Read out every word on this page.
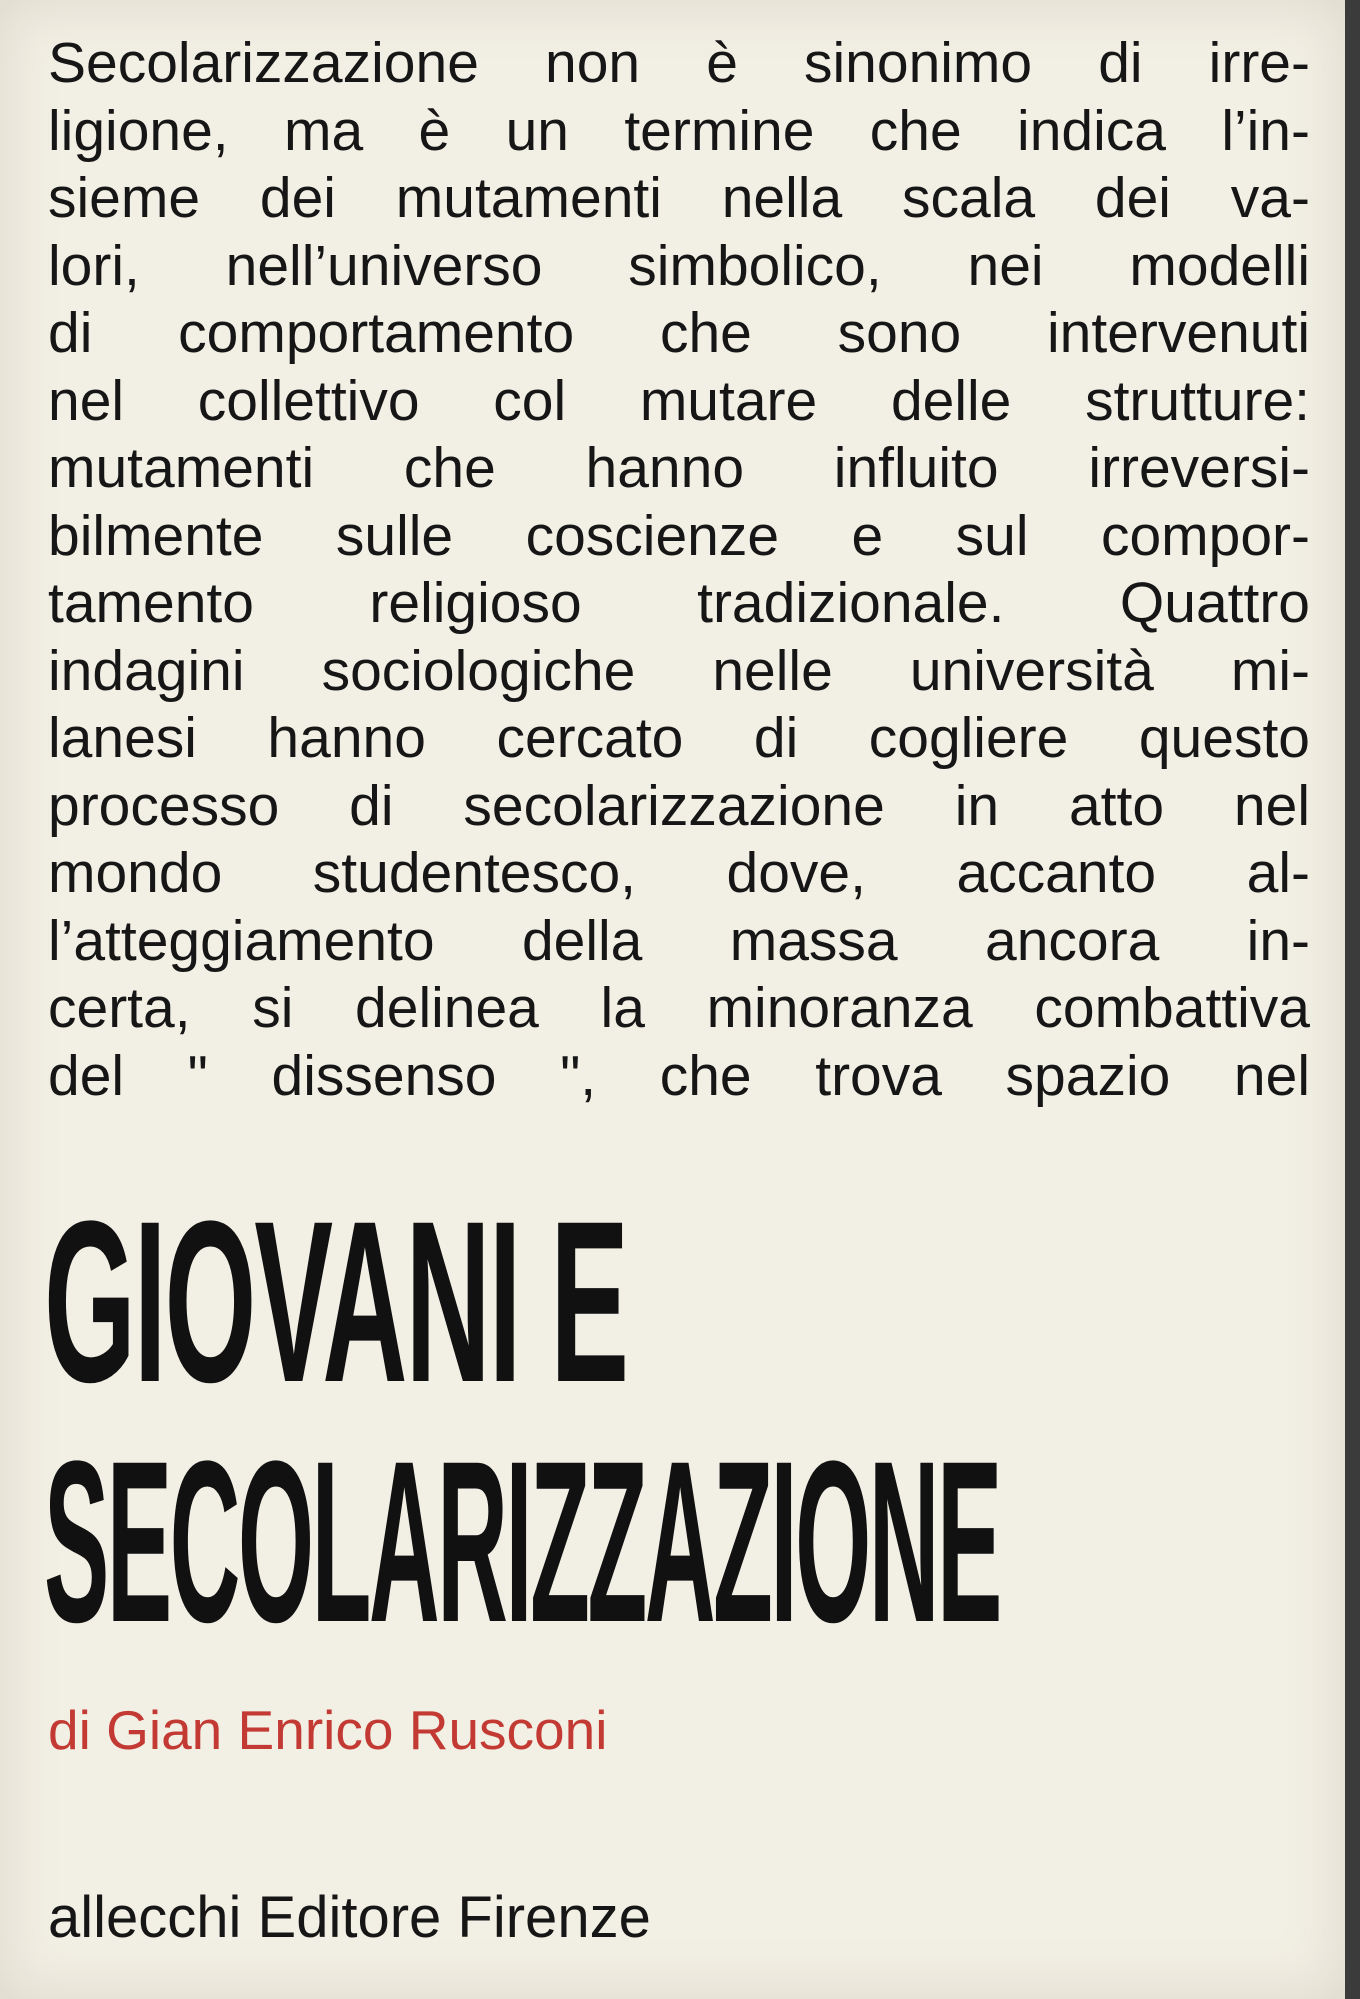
Secolarizzazione non è sinonimo di irre-
ligione, ma è un termine che indica l’in-
sieme dei mutamenti nella scala dei va-
lori, nell’universo simbolico, nei modelli
di comportamento che sono intervenuti
nel collettivo col mutare delle strutture:
mutamenti che hanno influito irreversi-
bilmente sulle coscienze e sul compor-
tamento religioso tradizionale. Quattro
indagini sociologiche nelle università mi-
lanesi hanno cercato di cogliere questo
processo di secolarizzazione in atto nel
mondo studentesco, dove, accanto al-
l’atteggiamento della massa ancora in-
certa, si delinea la minoranza combattiva
del " dissenso ", che trova spazio nel
GIOVANI E
SECOLARIZZAZIONE
di Gian Enrico Rusconi
allecchi Editore Firenze
